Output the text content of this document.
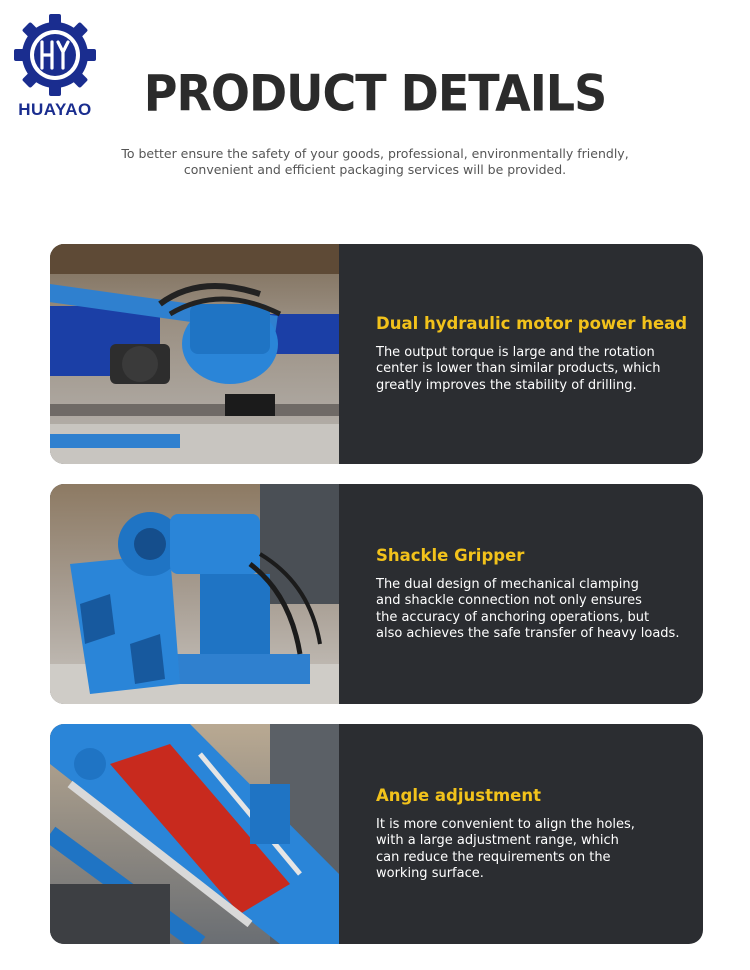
HUAYAO	PRODUCT DETAILS
To better ensure the safety of your goods, professional, environmentally friendly,
convenient and efficient packaging services will be provided.
Dual hydraulic motor power head
The output torque is large and the rotation
center is lower than similar products, which
greatly improves the stability of drilling.
Shackle Gripper
The dual design of mechanical clamping
and shackle connection not only ensures
the accuracy of anchoring operations, but
also achieves the safe transfer of heavy loads.
Angle adjustment
It is more convenient to align the holes,
with a large adjustment range, which
can reduce the requirements on the
working surface.
